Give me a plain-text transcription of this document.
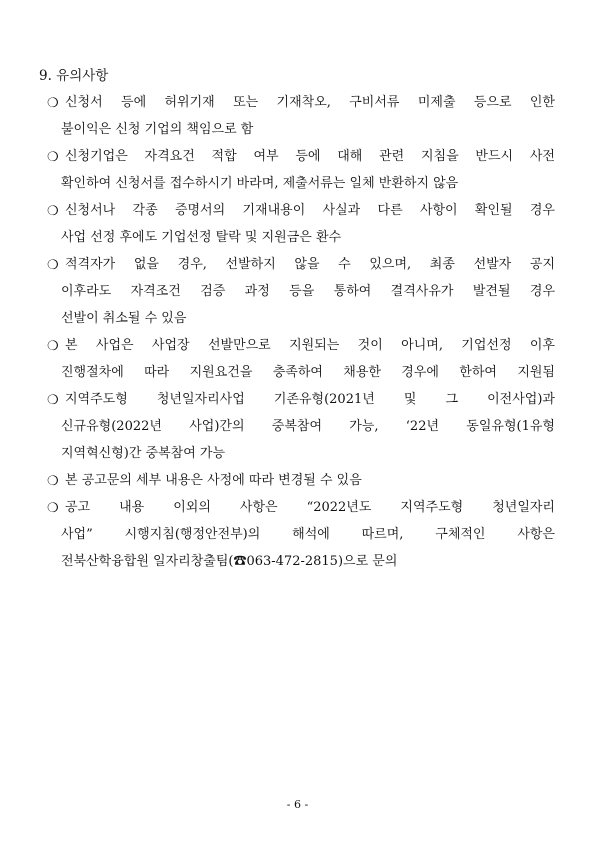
9. 유의사항
❍ 신청서 등에 허위기재 또는 기재착오, 구비서류 미제출 등으로 인한
불이익은 신청 기업의 책임으로 함
❍ 신청기업은 자격요건 적합 여부 등에 대해 관련 지침을 반드시 사전
확인하여 신청서를 접수하시기 바라며, 제출서류는 일체 반환하지 않음
❍ 신청서나 각종 증명서의 기재내용이 사실과 다른 사항이 확인될 경우
사업 선정 후에도 기업선정 탈락 및 지원금은 환수
❍ 적격자가 없을 경우, 선발하지 않을 수 있으며, 최종 선발자 공지
이후라도 자격조건 검증 과정 등을 통하여 결격사유가 발견될 경우
선발이 취소될 수 있음
❍ 본 사업은 사업장 선발만으로 지원되는 것이 아니며, 기업선정 이후
진행절차에 따라 지원요건을 충족하여 채용한 경우에 한하여 지원됨
❍ 지역주도형 청년일자리사업 기존유형(2021년 및 그 이전사업)과
신규유형(2022년 사업)간의 중복참여 가능, ‘22년 동일유형(1유형
지역혁신형)간 중복참여 가능
❍ 본 공고문의 세부 내용은 사정에 따라 변경될 수 있음
❍ 공고 내용 이외의 사항은 “2022년도 지역주도형 청년일자리
사업” 시행지침(행정안전부)의 해석에 따르며, 구체적인 사항은
전북산학융합원 일자리창출팀(☎063-472-2815)으로 문의
- 6 -
